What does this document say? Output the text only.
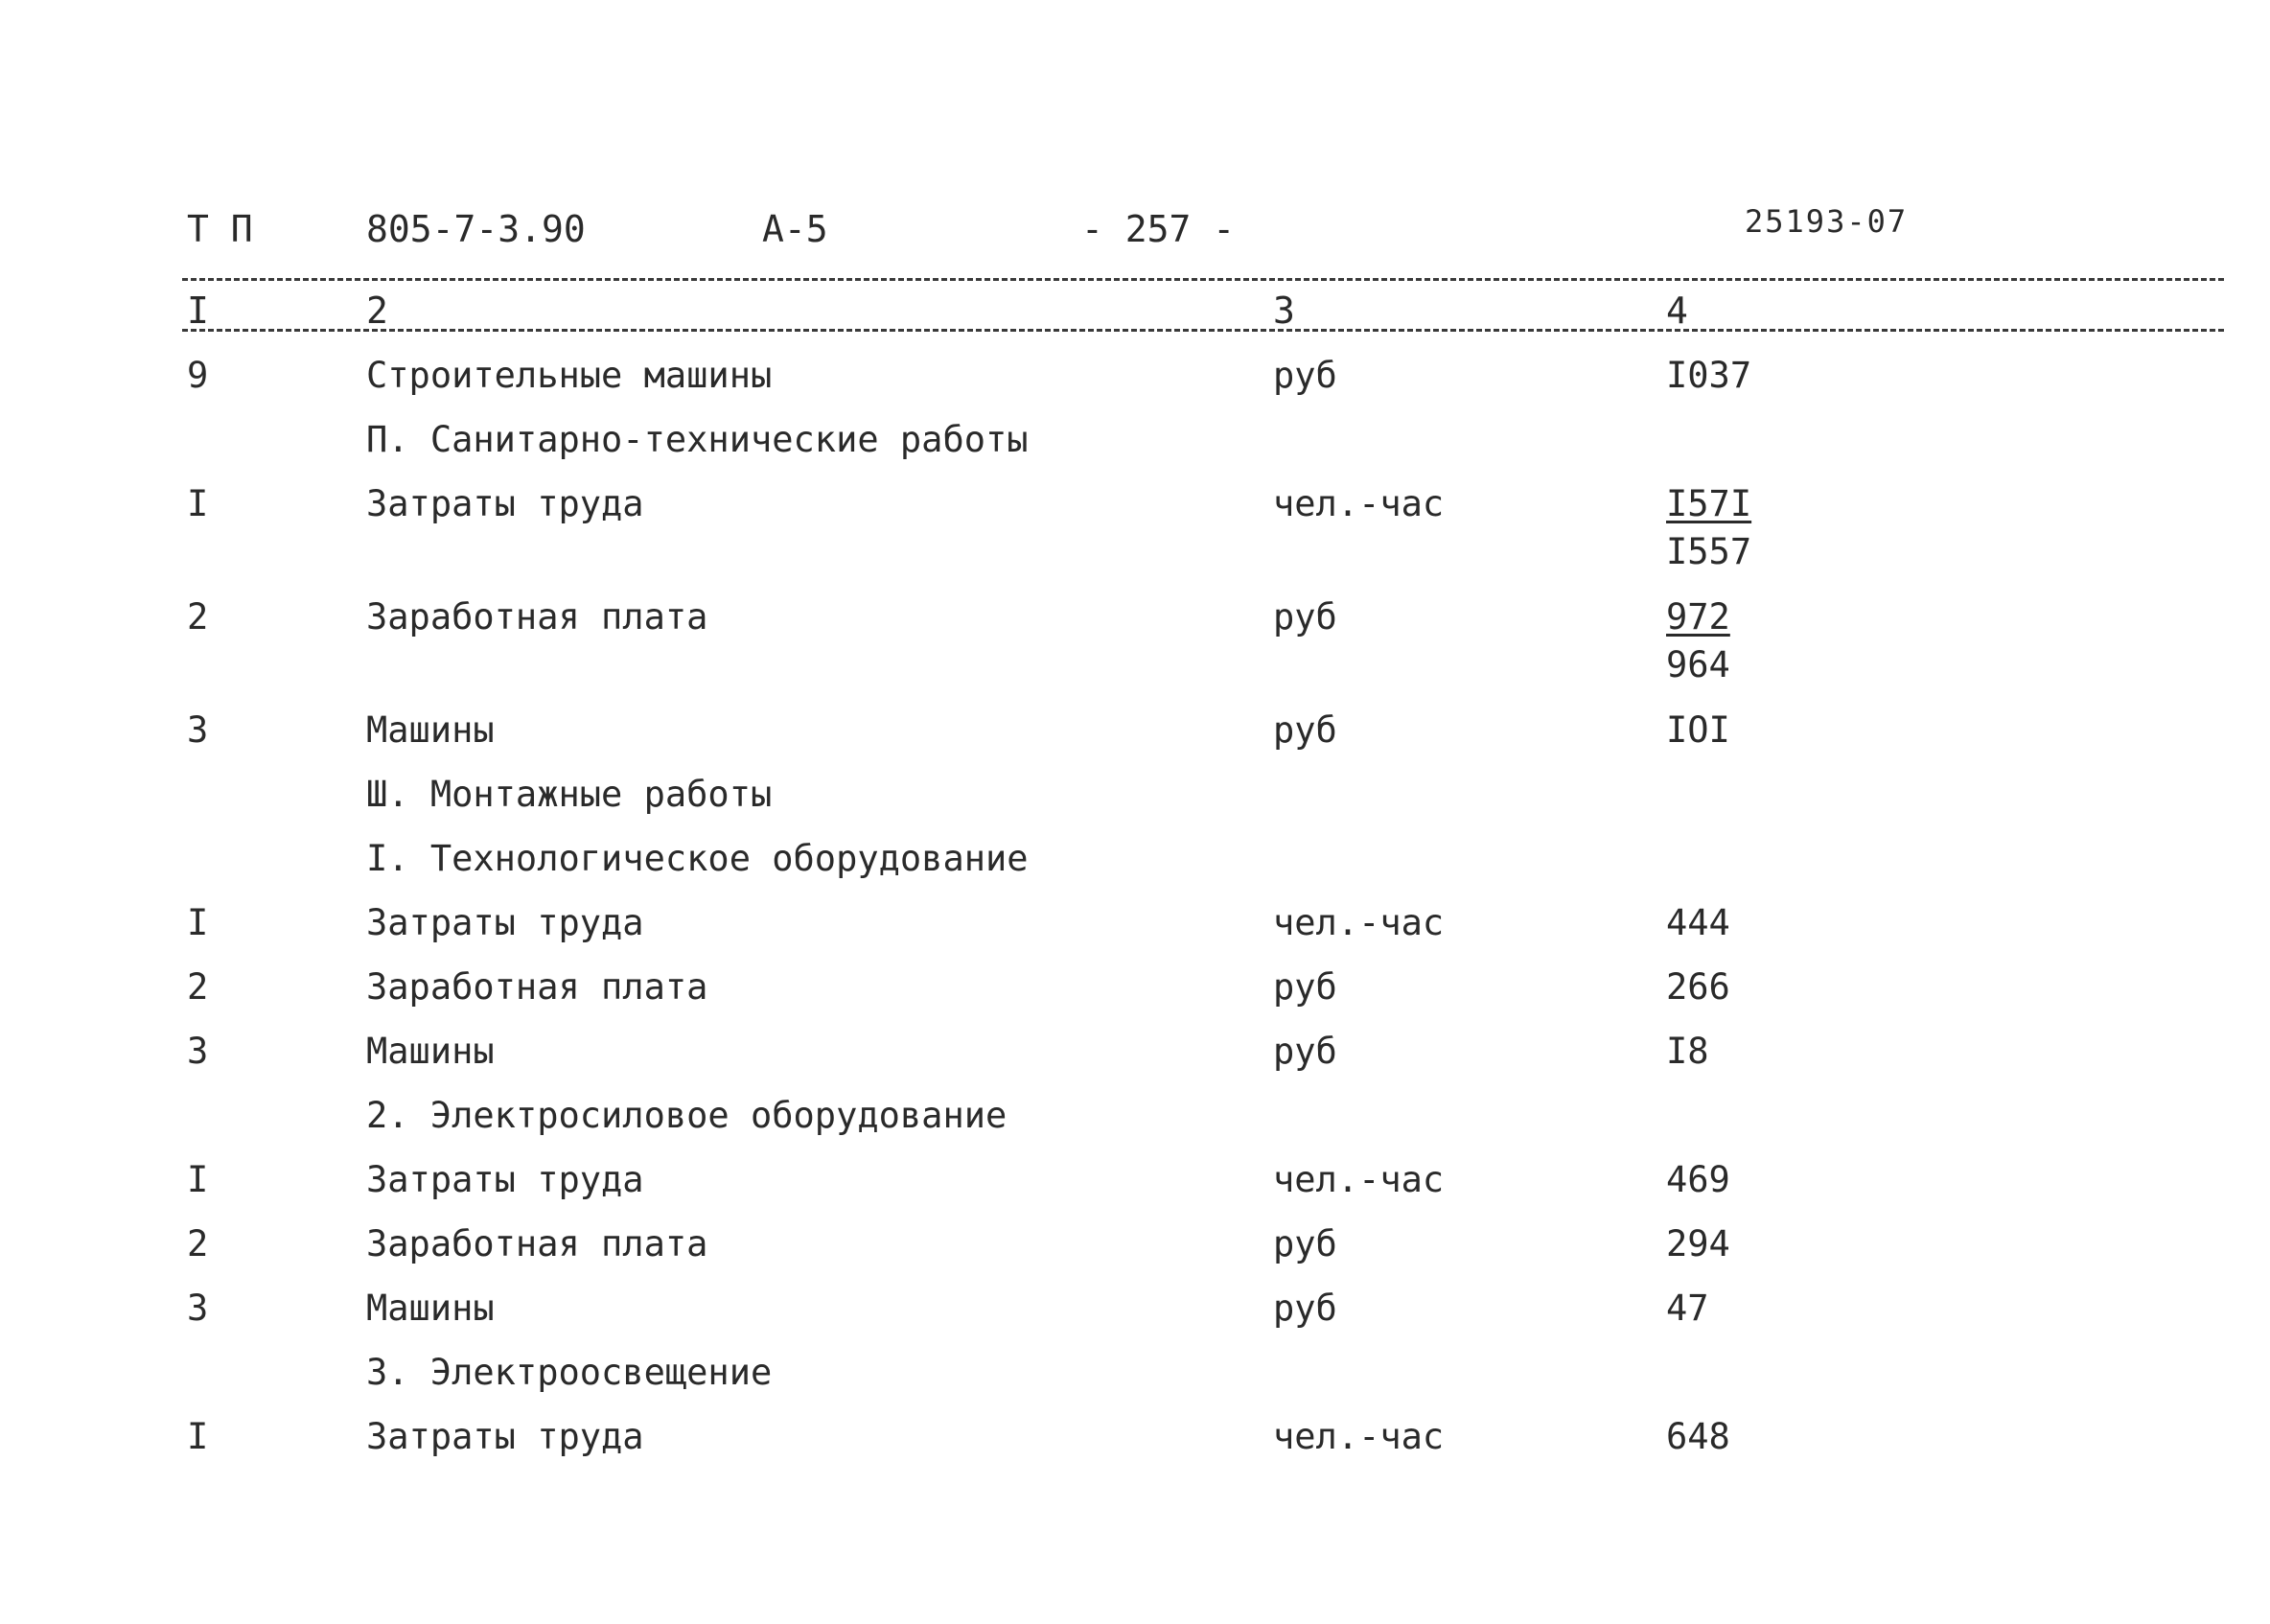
Т П	805-7-3.90	А-5	- 257 -	25193-07
I	2	3	4
9	Строительные машины	руб	I037
П. Санитарно-технические работы
I	Затраты труда	чел.-час	$\frac{I57I}{I557}$
2	Заработная плата	руб	$\frac{972}{964}$
3	Машины	руб	IOI
Ш. Монтажные работы
I. Технологическое оборудование
I	Затраты труда	чел.-час	444
2	Заработная плата	руб	266
3	Машины	руб	I8
2. Электросиловое оборудование
I	Затраты труда	чел.-час	469
2	Заработная плата	руб	294
3	Машины	руб	47
3. Электроосвещение
I	Затраты труда	чел.-час	648
